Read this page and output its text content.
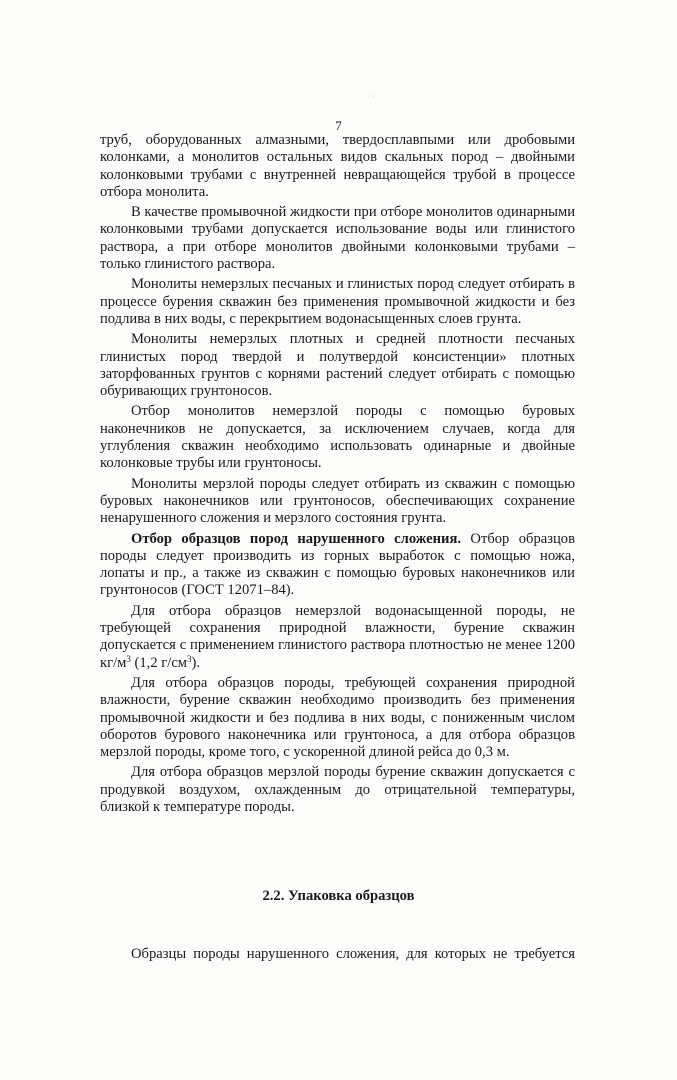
·
7

труб, оборудованных алмазными, твердосплавпыми или дробовыми колонками, а монолитов остальных видов скальных пород – двойными колонковыми трубами с внутренней невращающейся трубой в процессе отбора монолита.

В качестве промывочной жидкости при отборе монолитов одинарными колонковыми трубами допускается использование воды или глинистого раствора, а при отборе монолитов двойными колонковыми трубами – только глинистого раствора.

Монолиты немерзлых песчаных и глинистых пород следует отбирать в процессе бурения скважин без применения промывочной жидкости и без подлива в них воды, с перекрытием водонасыщенных слоев грунта.

Монолиты немерзлых плотных и средней плотности песчаных глинистых пород твердой и полутвердой консистенции» плотных заторфованных грунтов с корнями растений следует отбирать с помощью обуривающих грунтоносов.

Отбор монолитов немерзлой породы с помощью буровых наконечников не допускается, за исключением случаев, когда для углубления скважин необходимо использовать одинарные и двойные колонковые трубы или грунтоносы.

Монолиты мерзлой породы следует отбирать из скважин с помощью буровых наконечников или грунтоносов, обеспечивающих сохранение ненарушенного сложения и мерзлого состояния грунта.

Отбор образцов пород нарушенного сложения. Отбор образцов породы следует производить из горных выработок с помощью ножа, лопаты и пр., а также из скважин с помощью буровых наконечников или грунтоносов (ГОСТ 12071–84).

Для отбора образцов немерзлой водонасыщенной породы, не требующей сохранения природной влажности, бурение скважин допускается с применением глинистого раствора плотностью не менее 1200 $кг/м^3$ (1,2 $г/см^3$).

Для отбора образцов породы, требующей сохранения природной влажности, бурение скважин необходимо производить без применения промывочной жидкости и без подлива в них воды, с пониженным числом оборотов бурового наконечника или грунтоноса, а для отбора образцов мерзлой породы, кроме того, с ускоренной длиной рейса до 0,3 м.

Для отбора образцов мерзлой породы бурение скважин допускается с продувкой воздухом, охлажденным до отрицательной температуры, близкой к температуре породы.

2.2. Упаковка образцов
Образцы породы нарушенного сложения, для которых не требуется
